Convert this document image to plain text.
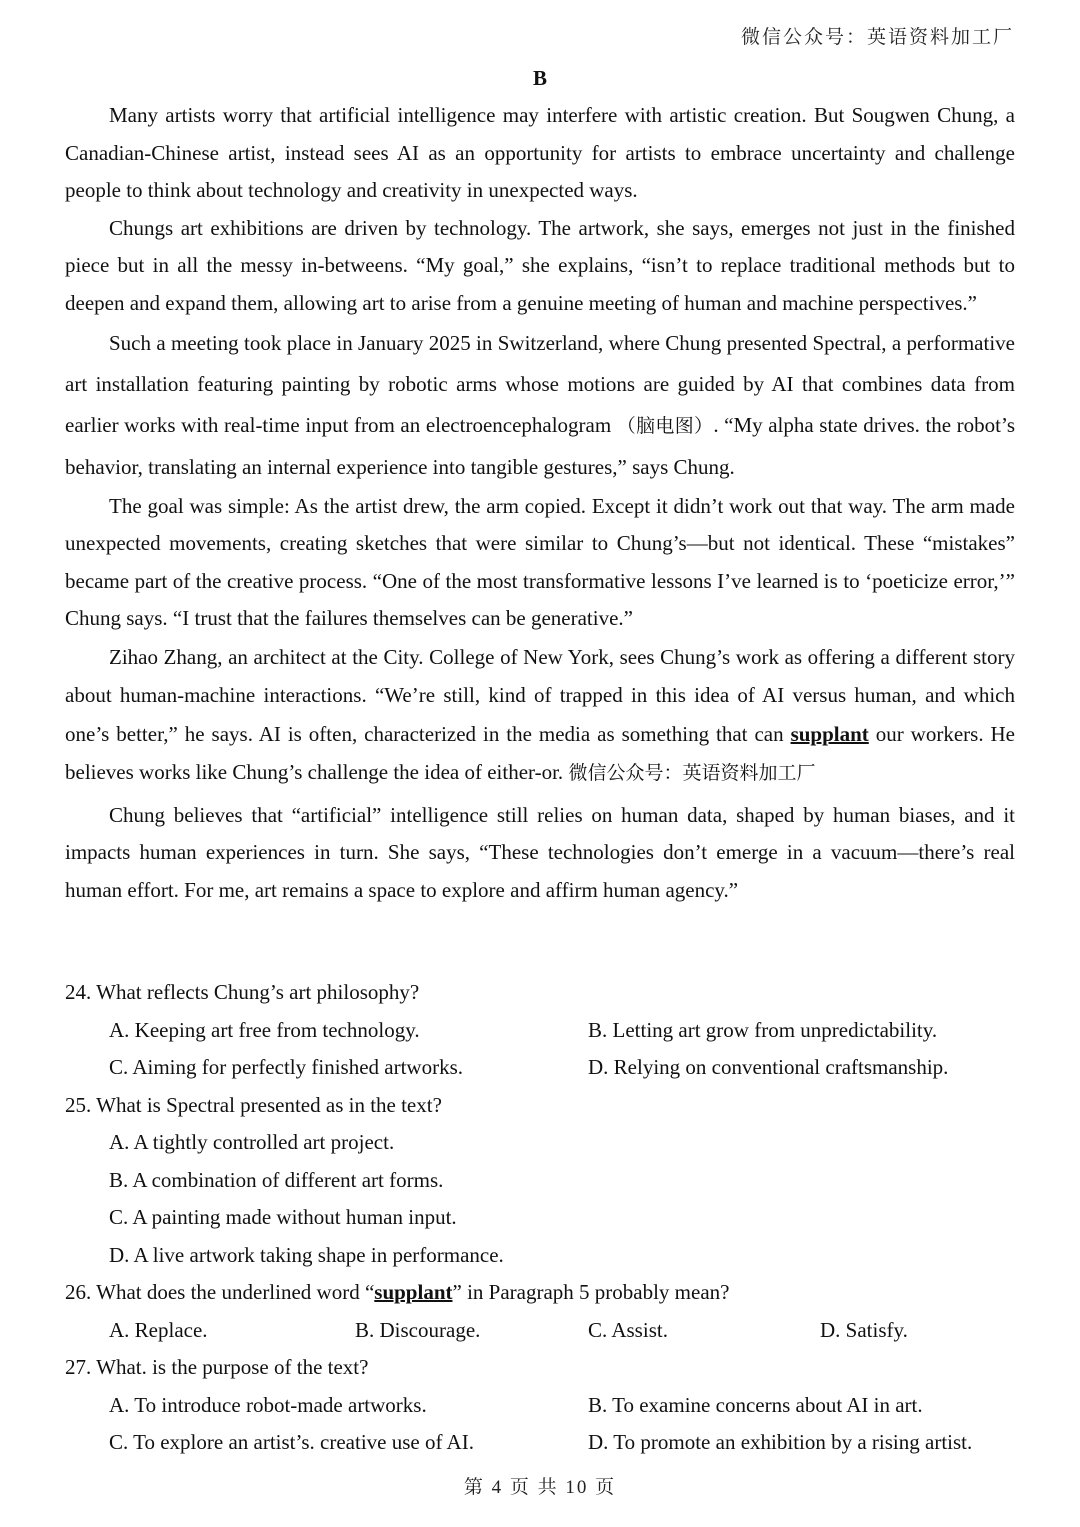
微信公众号：英语资料加工厂
B

Many artists worry that artificial intelligence may interfere with artistic creation. But Sougwen Chung, a Canadian-Chinese artist, instead sees AI as an opportunity for artists to embrace uncertainty and challenge people to think about technology and creativity in unexpected ways.

Chungs art exhibitions are driven by technology. The artwork, she says, emerges not just in the finished piece but in all the messy in-betweens. “My goal,” she explains, “isn’t to replace traditional methods but to deepen and expand them, allowing art to arise from a genuine meeting of human and machine perspectives.”

Such a meeting took place in January 2025 in Switzerland, where Chung presented Spectral, a performative art installation featuring painting by robotic arms whose motions are guided by AI that combines data from earlier works with real-time input from an electroencephalogram （脑电图）. “My alpha state drives. the robot’s behavior, translating an internal experience into tangible gestures,” says Chung.

The goal was simple: As the artist drew, the arm copied. Except it didn’t work out that way. The arm made unexpected movements, creating sketches that were similar to Chung’s—but not identical. These “mistakes” became part of the creative process. “One of the most transformative lessons I’ve learned is to ‘poeticize error,’” Chung says. “I trust that the failures themselves can be generative.”

Zihao Zhang, an architect at the City. College of New York, sees Chung’s work as offering a different story about human-machine interactions. “We’re still, kind of trapped in this idea of AI versus human, and which one’s better,” he says. AI is often, characterized in the media as something that can supplant our workers. He believes works like Chung’s challenge the idea of either-or. 微信公众号：英语资料加工厂

Chung believes that “artificial” intelligence still relies on human data, shaped by human biases, and it impacts human experiences in turn. She says, “These technologies don’t emerge in a vacuum—there’s real human effort. For me, art remains a space to explore and affirm human agency.”

24. What reflects Chung’s art philosophy?
A. Keeping art free from technology.	B. Letting art grow from unpredictability.
C. Aiming for perfectly finished artworks.	D. Relying on conventional craftsmanship.
25. What is Spectral presented as in the text?
A. A tightly controlled art project.
B. A combination of different art forms.
C. A painting made without human input.
D. A live artwork taking shape in performance.
26. What does the underlined word “supplant” in Paragraph 5 probably mean?
A. Replace.	B. Discourage.	C. Assist.	D. Satisfy.
27. What. is the purpose of the text?
A. To introduce robot-made artworks.	B. To examine concerns about AI in art.
C. To explore an artist’s. creative use of AI.	D. To promote an exhibition by a rising artist.
第 4 页 共 10 页
